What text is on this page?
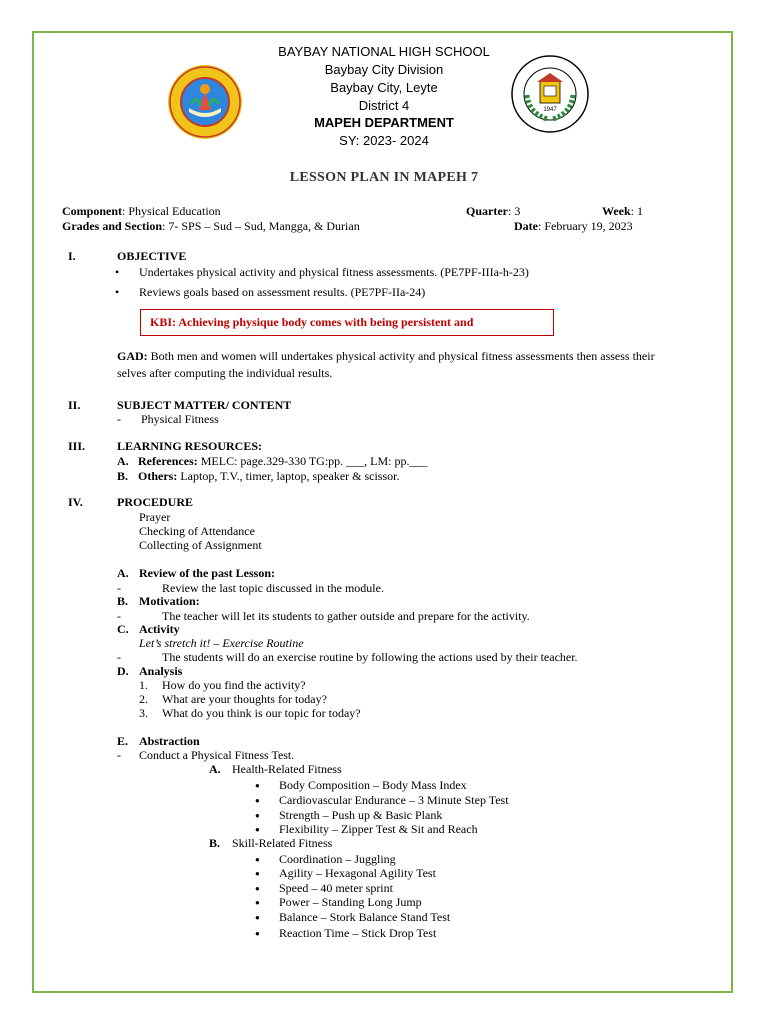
1947
BAYBAY NATIONAL HIGH SCHOOL
Baybay City Division
Baybay City, Leyte
District 4
MAPEH DEPARTMENT
SY: 2023- 2024
LESSON PLAN IN MAPEH 7
Component: Physical Education	Quarter: 3	Week: 1
Grades and Section: 7- SPS – Sud – Sud, Mangga, & Durian	Date: February 19, 2023
I.	OBJECTIVE
• Undertakes physical activity and physical fitness assessments. (PE7PF-IIIa-h-23)
• Reviews goals based on assessment results. (PE7PF-IIa-24)
KBI: Achieving physique body comes with being persistent and
GAD: Both men and women will undertakes physical activity and physical fitness assessments then assess their
selves after computing the individual results.
II.	SUBJECT MATTER/ CONTENT
- Physical Fitness
III.	LEARNING RESOURCES:
A. References: MELC: page.329-330 TG:pp. ___, LM: pp.___
B. Others: Laptop, T.V., timer, laptop, speaker & scissor.
IV.	PROCEDURE
Prayer
Checking of Attendance
Collecting of Assignment
A. Review of the past Lesson:
-	Review the last topic discussed in the module.
B. Motivation:
-	The teacher will let its students to gather outside and prepare for the activity.
C. Activity
Let’s stretch it! – Exercise Routine
-	The students will do an exercise routine by following the actions used by their teacher.
D. Analysis
1. How do you find the activity?
2. What are your thoughts for today?
3. What do you think is our topic for today?
E. Abstraction
- Conduct a Physical Fitness Test.
A. Health-Related Fitness
● Body Composition – Body Mass Index
● Cardiovascular Endurance – 3 Minute Step Test
● Strength – Push up & Basic Plank
● Flexibility – Zipper Test & Sit and Reach
B. Skill-Related Fitness
● Coordination – Juggling
● Agility – Hexagonal Agility Test
● Speed – 40 meter sprint
● Power – Standing Long Jump
● Balance – Stork Balance Stand Test
● Reaction Time – Stick Drop Test
